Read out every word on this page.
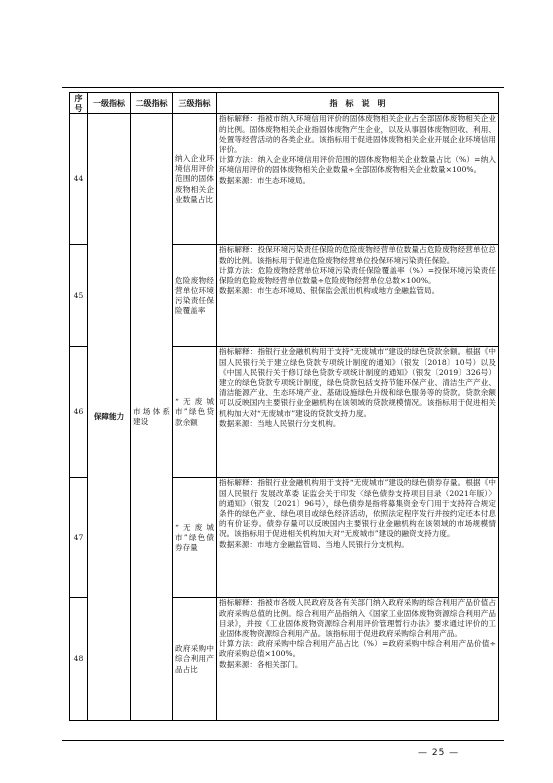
序号	一级指标	二级指标	三级指标	指　标　说　明
44	保障能力	市场体系建设	纳入企业环境信用评价范围的固体废物相关企业数量占比	指标解释：指被市纳入环境信用评价的固体废物相关企业占全部固体废物相关企业的比例。固体废物相关企业指固体废物产生企业，以及从事固体废物回收、利用、处置等经营活动的各类企业。该指标用于促进固体废物相关企业开展企业环境信用评价。
计算方法：纳入企业环境信用评价范围的固体废物相关企业数量占比（%）=纳入环境信用评价的固体废物相关企业数量÷全部固体废物相关企业数量×100%。
数据来源：市生态环境局。

45			危险废物经营单位环境污染责任保险覆盖率	指标解释：投保环境污染责任保险的危险废物经营单位数量占危险废物经营单位总数的比例。该指标用于促进危险废物经营单位投保环境污染责任保险。
计算方法：危险废物经营单位环境污染责任保险覆盖率（%）=投保环境污染责任保险的危险废物经营单位数量÷危险废物经营单位总数×100%。
数据来源：市生态环境局、银保监会派出机构或地方金融监管局。

46			“无废城市”绿色贷款余额	指标解释：指银行业金融机构用于支持“无废城市”建设的绿色贷款余额。根据《中国人民银行关于建立绿色贷款专项统计制度的通知》（银发〔2018〕10号）以及《中国人民银行关于修订绿色贷款专项统计制度的通知》（银发〔2019〕326号）建立的绿色贷款专项统计制度，绿色贷款包括支持节能环保产业、清洁生产产业、清洁能源产业、生态环境产业、基础设施绿色升级和绿色服务等的贷款。贷款余额可以反映国内主要银行业金融机构在该领域的贷款规模情况。该指标用于促进相关机构加大对“无废城市”建设的贷款支持力度。
数据来源：当地人民银行分支机构。

47			“无废城市”绿色债券存量	指标解释：指银行业金融机构用于支持“无废城市”建设的绿色债券存量。根据《中国人民银行 发展改革委 证监会关于印发〈绿色债券支持项目目录（2021年版）〉的通知》（银发〔2021〕96号），绿色债券是指将募集资金专门用于支持符合规定条件的绿色产业、绿色项目或绿色经济活动，依照法定程序发行并按约定还本付息的有价证券。债券存量可以反映国内主要银行业金融机构在该领域的市场规模情况。该指标用于促进相关机构加大对“无废城市”建设的融资支持力度。
数据来源：市地方金融监管局、当地人民银行分支机构。

48			政府采购中综合利用产品占比	指标解释：指被市各级人民政府及各有关部门纳入政府采购的综合利用产品价值占政府采购总值的比例。综合利用产品指纳入《国家工业固体废物资源综合利用产品目录》，并按《工业固体废物资源综合利用评价管理暂行办法》要求通过评价的工业固体废物资源综合利用产品。该指标用于促进政府采购综合利用产品。
计算方法：政府采购中综合利用产品占比（%）=政府采购中综合利用产品价值÷政府采购总值×100%。
数据来源：各相关部门。
— 25 —
